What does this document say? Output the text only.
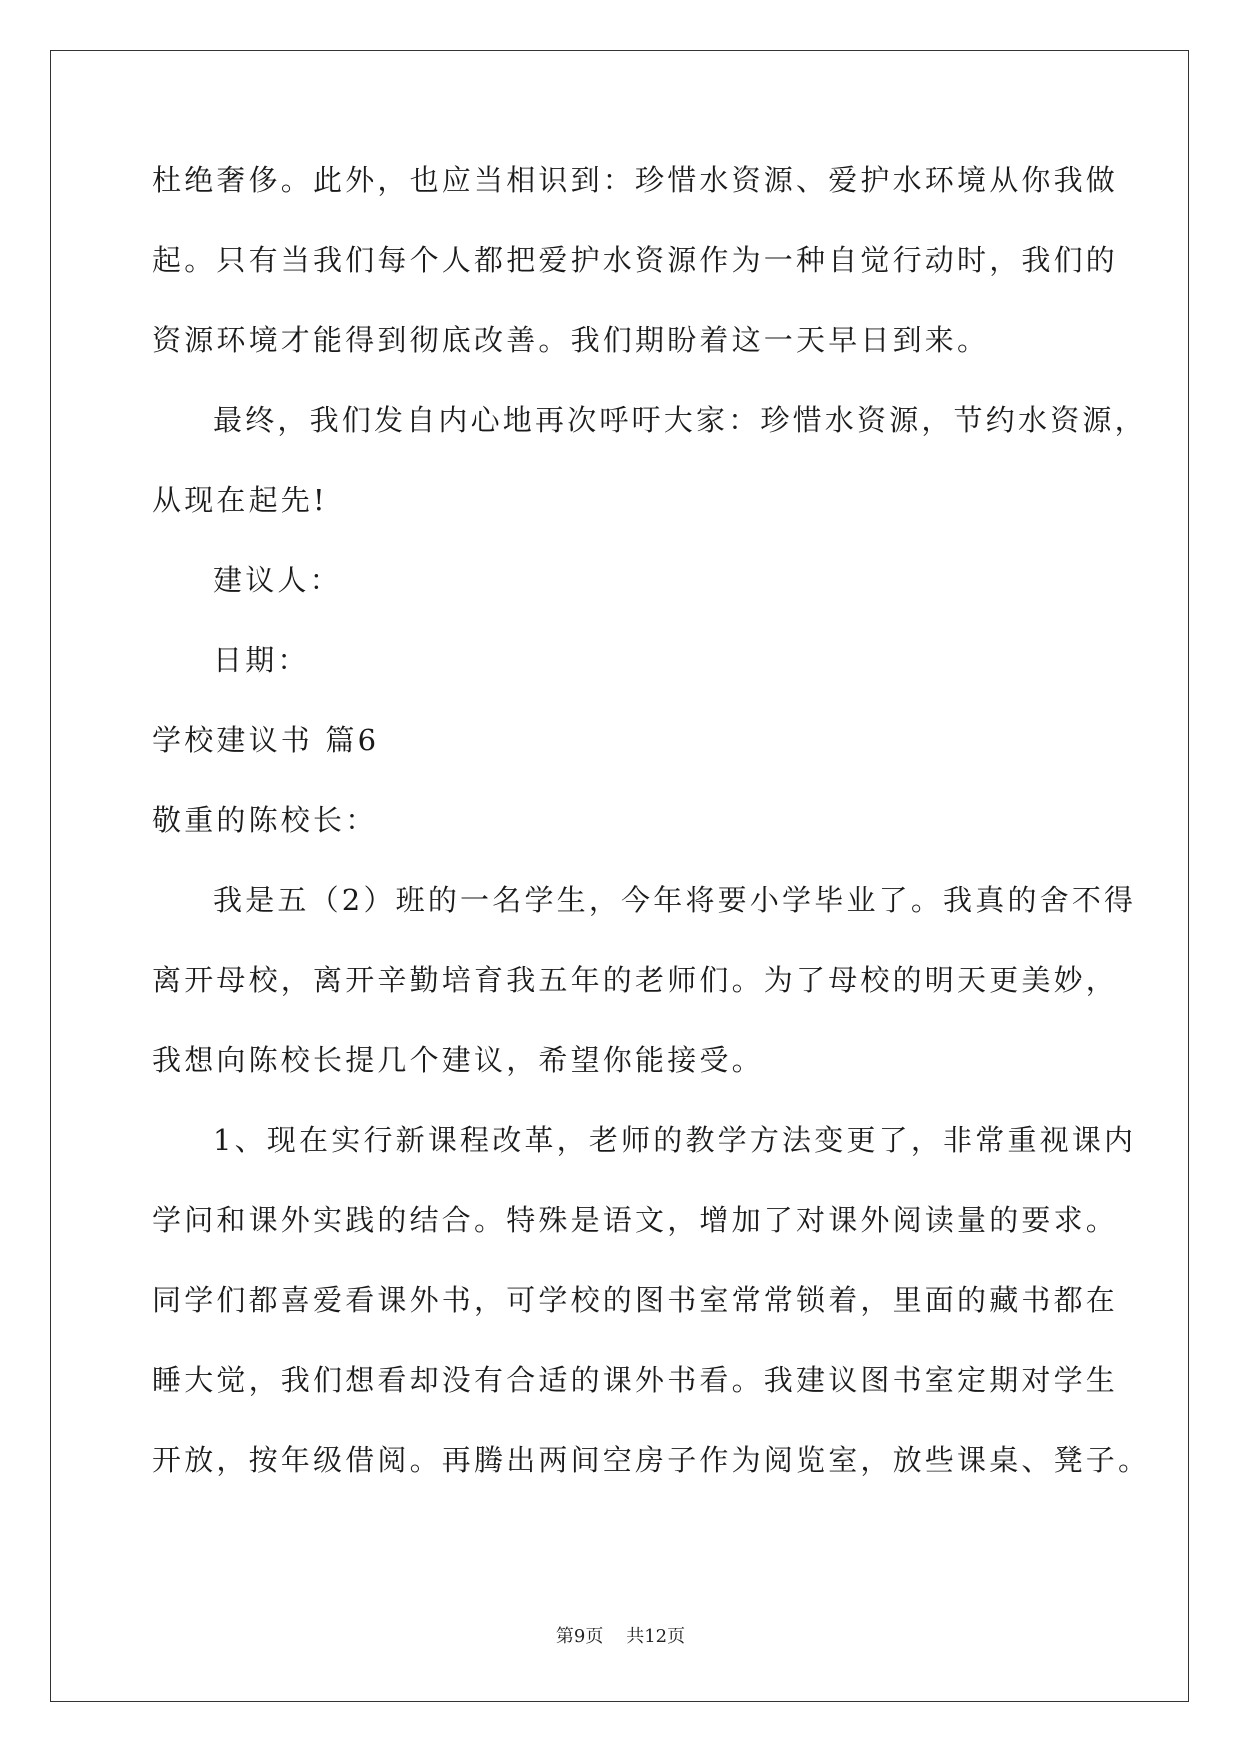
杜绝奢侈。此外，也应当相识到：珍惜水资源、爱护水环境从你我做
起。只有当我们每个人都把爱护水资源作为一种自觉行动时，我们的
资源环境才能得到彻底改善。我们期盼着这一天早日到来。
最终，我们发自内心地再次呼吁大家：珍惜水资源，节约水资源，
从现在起先!
建议人：
日期：
学校建议书 篇6
敬重的陈校长：
我是五（2）班的一名学生，今年将要小学毕业了。我真的舍不得
离开母校，离开辛勤培育我五年的老师们。为了母校的明天更美妙，
我想向陈校长提几个建议，希望你能接受。
1、现在实行新课程改革，老师的教学方法变更了，非常重视课内
学问和课外实践的结合。特殊是语文，增加了对课外阅读量的要求。
同学们都喜爱看课外书，可学校的图书室常常锁着，里面的藏书都在
睡大觉，我们想看却没有合适的课外书看。我建议图书室定期对学生
开放，按年级借阅。再腾出两间空房子作为阅览室，放些课桌、凳子。
第9页    共12页
